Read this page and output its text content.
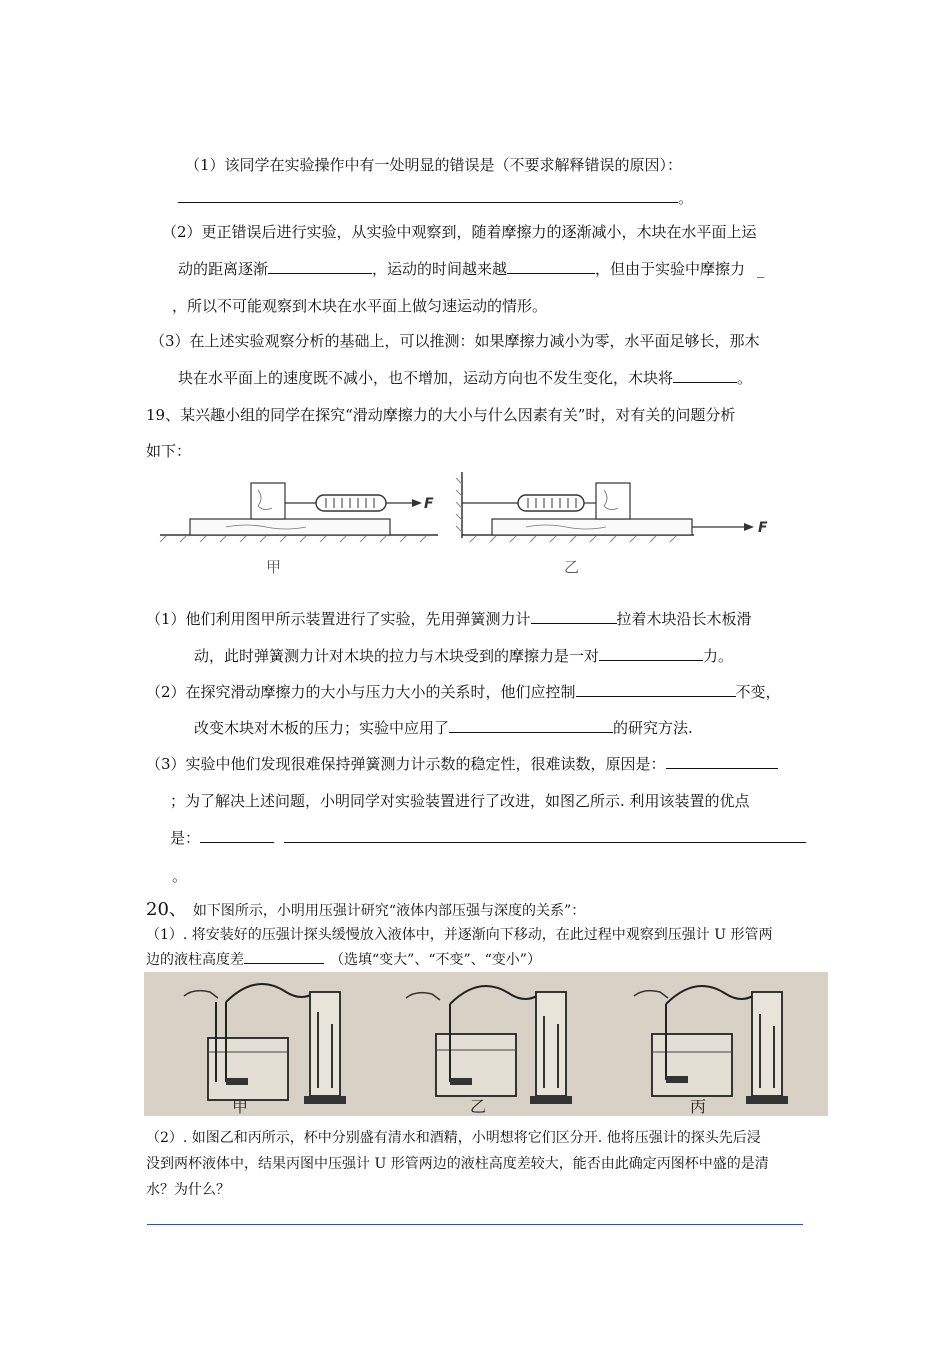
（1）该同学在实验操作中有一处明显的错误是（不要求解释错误的原因）：
。
（2）更正错误后进行实验，从实验中观察到，随着摩擦力的逐渐减小，木块在水平面上运
动的距离逐渐	，运动的时间越来越	，但由于实验中摩擦力 _
，所以不可能观察到木块在水平面上做匀速运动的情形。
（3）在上述实验观察分析的基础上，可以推测：如果摩擦力减小为零，水平面足够长，那木
块在水平面上的速度既不减小，也不增加，运动方向也不发生变化，木块将	。
19、某兴趣小组的同学在探究“滑动摩擦力的大小与什么因素有关”时，对有关的问题分析
如下：
F
甲
F
乙
（1）他们利用图甲所示装置进行了实验，先用弹簧测力计	拉着木块沿长木板滑
动，此时弹簧测力计对木块的拉力与木块受到的摩擦力是一对	力。
（2）在探究滑动摩擦力的大小与压力大小的关系时，他们应控制	不变，
改变木块对木板的压力；实验中应用了	的研究方法.
（3）实验中他们发现很难保持弹簧测力计示数的稳定性，很难读数，原因是：
；为了解决上述问题，小明同学对实验装置进行了改进，如图乙所示. 利用该装置的优点
是：
。
20、 如下图所示，小明用压强计研究“液体内部压强与深度的关系”：
（1）. 将安装好的压强计探头缓慢放入液体中，并逐渐向下移动，在此过程中观察到压强计 U 形管两
边的液柱高度差	（选填“变大”、“不变”、“变小”）
甲	乙	丙
（2）. 如图乙和丙所示，杯中分别盛有清水和酒精，小明想将它们区分开. 他将压强计的探头先后浸
没到两杯液体中，结果丙图中压强计 U 形管两边的液柱高度差较大，能否由此确定丙图杯中盛的是清
水？为什么？
